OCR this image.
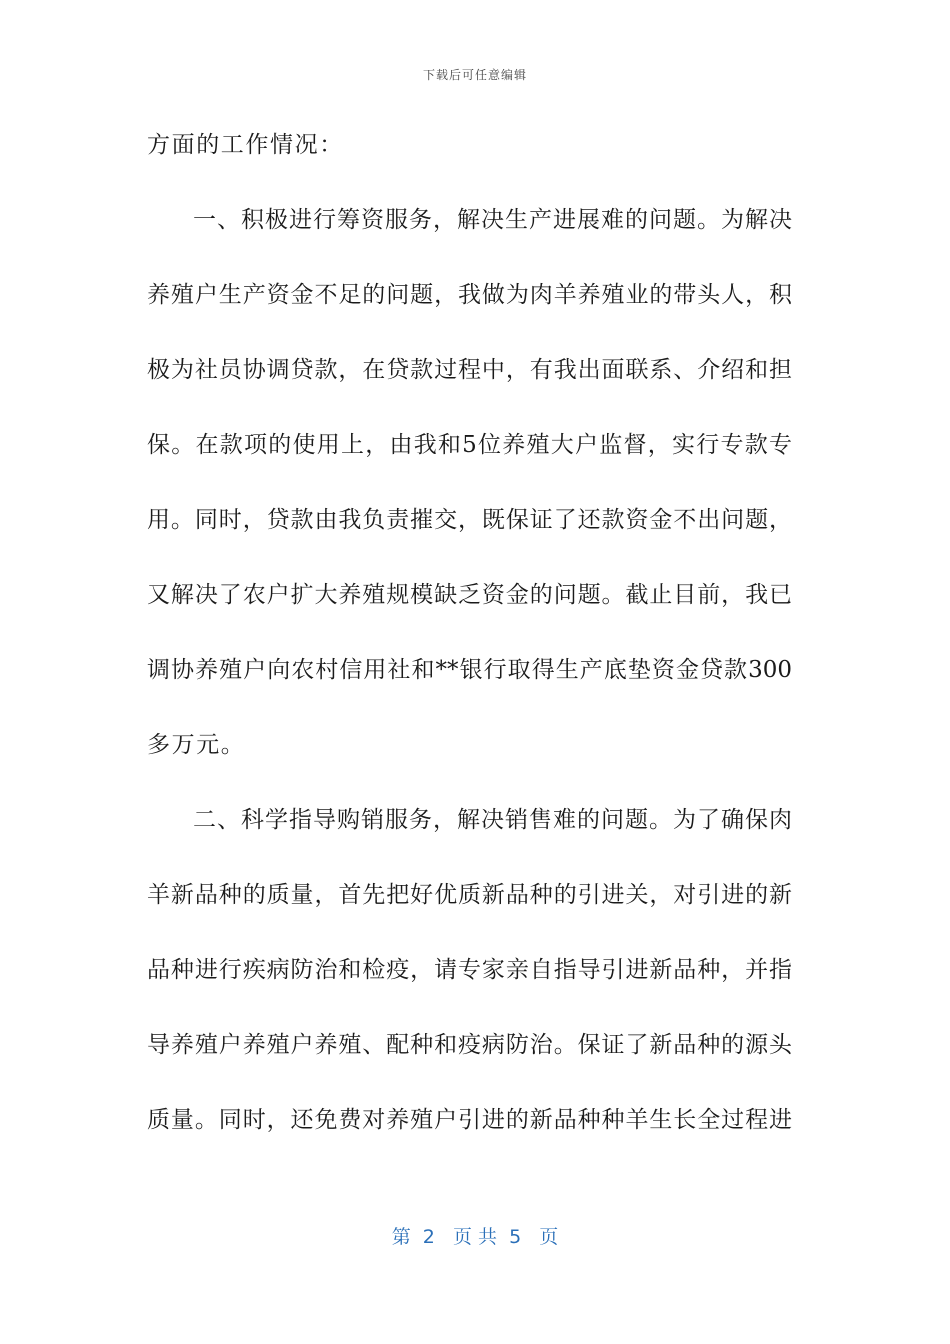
下载后可任意编辑
方面的工作情况：
一、积极进行筹资服务，解决生产进展难的问题。为解决
养殖户生产资金不足的问题，我做为肉羊养殖业的带头人，积
极为社员协调贷款，在贷款过程中，有我出面联系、介绍和担
保。在款项的使用上，由我和5位养殖大户监督，实行专款专
用。同时，贷款由我负责摧交，既保证了还款资金不出问题，
又解决了农户扩大养殖规模缺乏资金的问题。截止目前，我已
调协养殖户向农村信用社和**银行取得生产底垫资金贷款300
多万元。
二、科学指导购销服务，解决销售难的问题。为了确保肉
羊新品种的质量，首先把好优质新品种的引进关，对引进的新
品种进行疾病防治和检疫，请专家亲自指导引进新品种，并指
导养殖户养殖户养殖、配种和疫病防治。保证了新品种的源头
质量。同时，还免费对养殖户引进的新品种种羊生长全过程进
第  2   页 共  5   页
